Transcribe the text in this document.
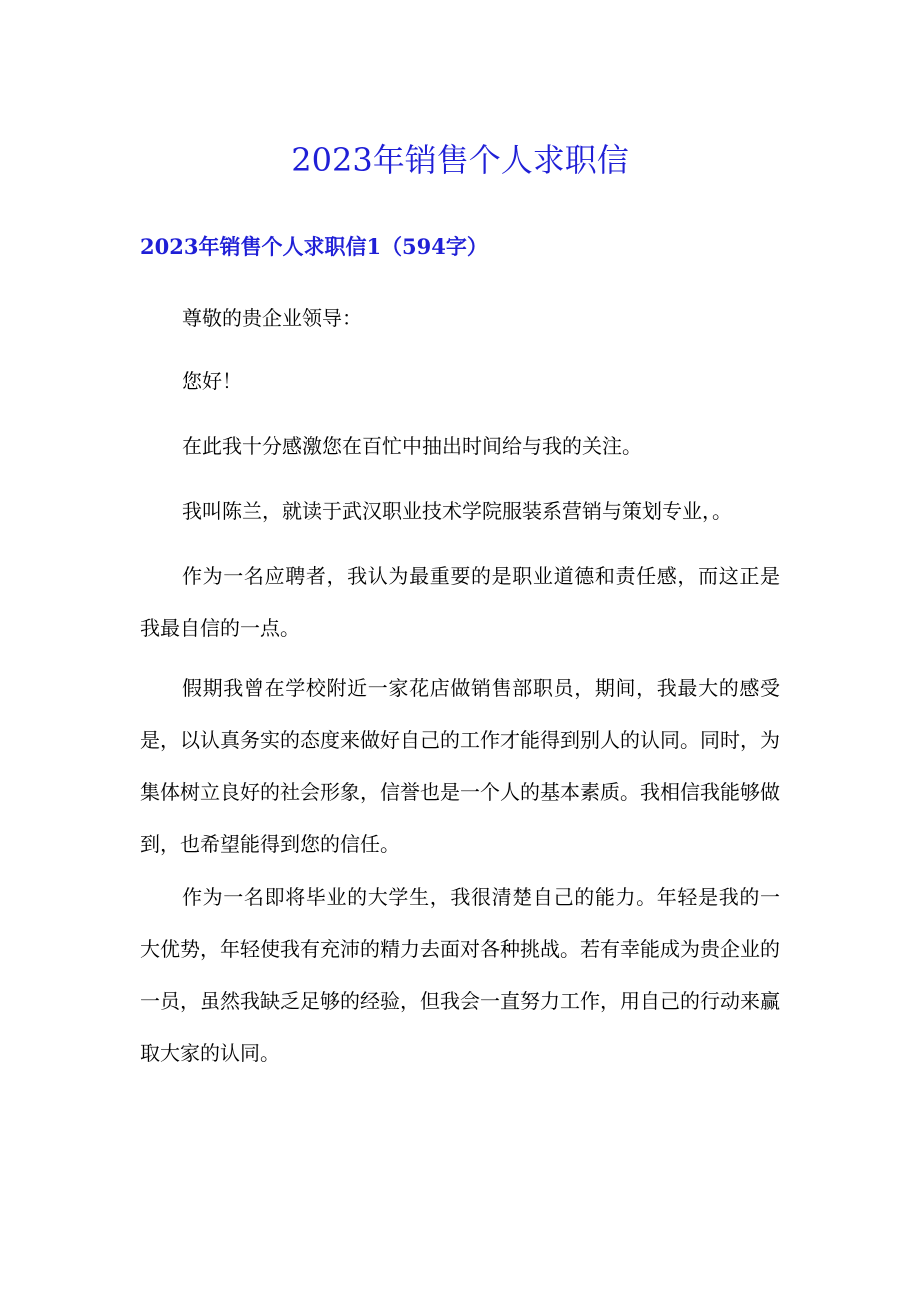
2023年销售个人求职信
2023年销售个人求职信1（594字）

尊敬的贵企业领导：

您好！

在此我十分感激您在百忙中抽出时间给与我的关注。

我叫陈兰，就读于武汉职业技术学院服装系营销与策划专业，。

作为一名应聘者，我认为最重要的是职业道德和责任感，而这正是我最自信的一点。

假期我曾在学校附近一家花店做销售部职员，期间，我最大的感受是，以认真务实的态度来做好自己的工作才能得到别人的认同。同时，为集体树立良好的社会形象，信誉也是一个人的基本素质。我相信我能够做到，也希望能得到您的信任。

作为一名即将毕业的大学生，我很清楚自己的能力。年轻是我的一大优势，年轻使我有充沛的精力去面对各种挑战。若有幸能成为贵企业的一员，虽然我缺乏足够的经验，但我会一直努力工作，用自己的行动来赢取大家的认同。
